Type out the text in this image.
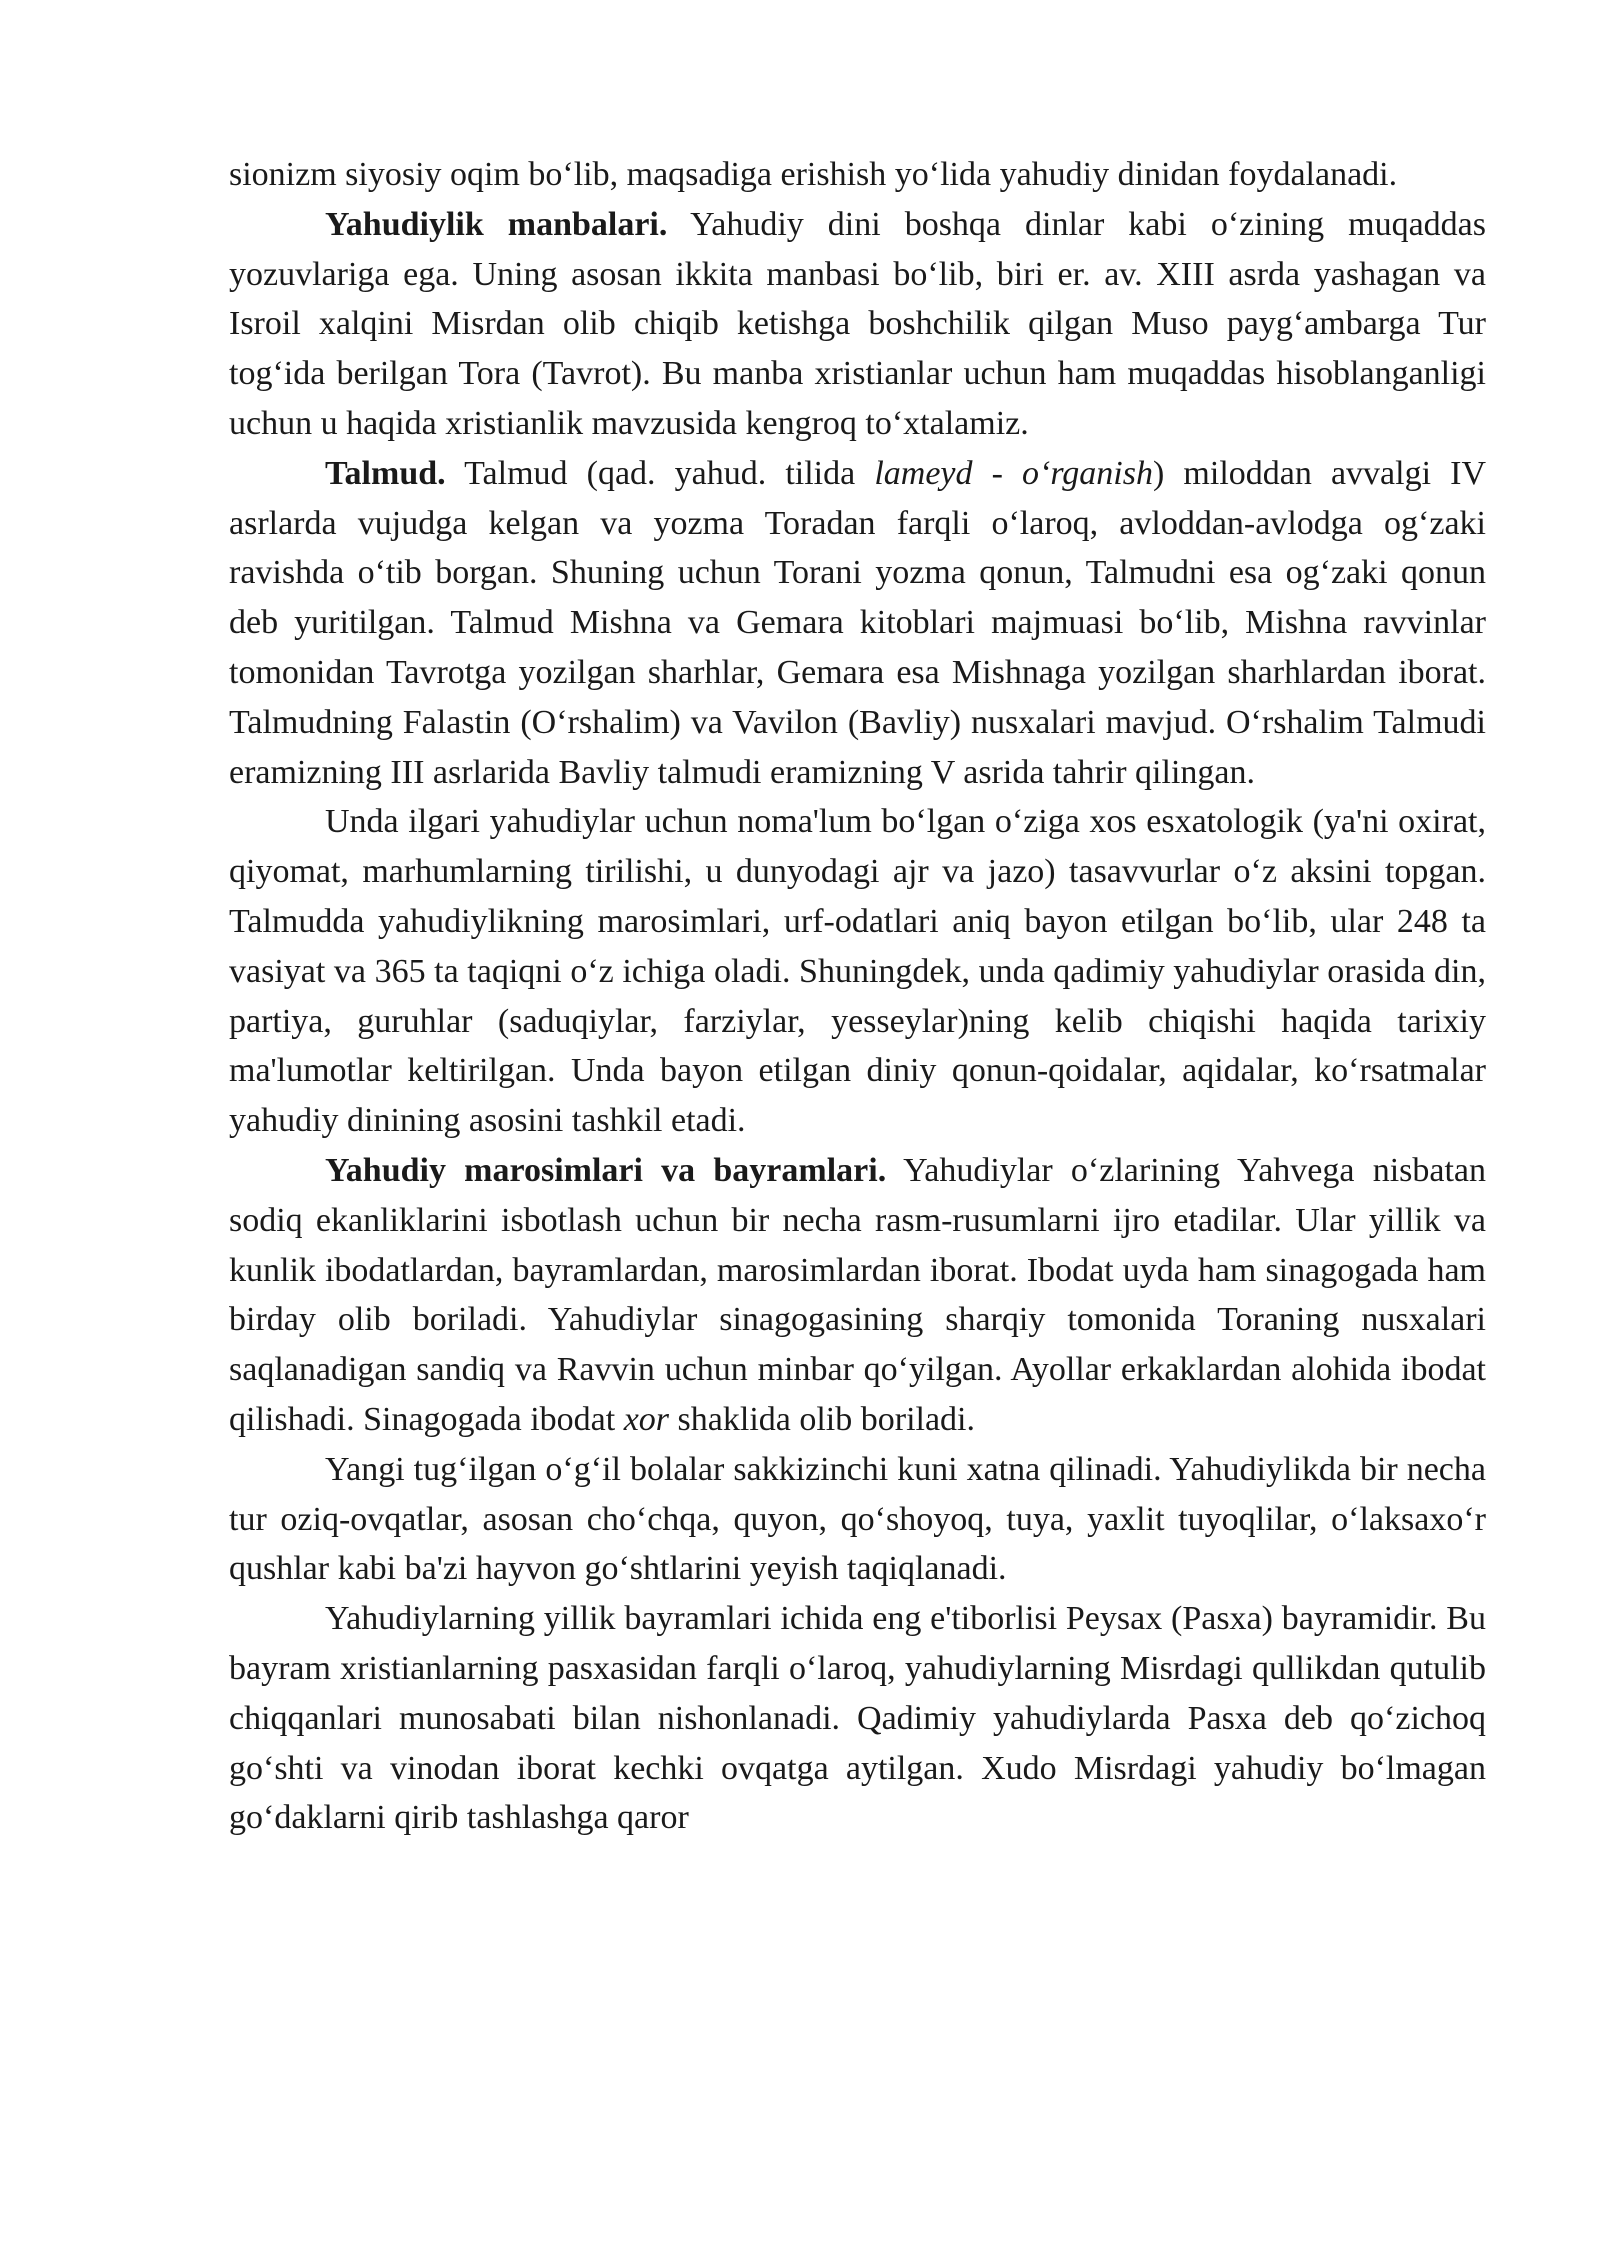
sionizm siyosiy oqim bo‘lib, maqsadiga erishish yo‘lida yahudiy dinidan foydalanadi.

Yahudiylik manbalari. Yahudiy dini boshqa dinlar kabi o‘zining muqaddas yozuvlariga ega. Uning asosan ikkita manbasi bo‘lib, biri er. av. XIII asrda yashagan va Isroil xalqini Misrdan olib chiqib ketishga boshchilik qilgan Muso payg‘ambarga Tur tog‘ida berilgan Tora (Tavrot). Bu manba xristianlar uchun ham muqaddas hisoblanganligi uchun u haqida xristianlik mavzusida kengroq to‘xtalamiz.

Talmud. Talmud (qad. yahud. tilida lameyd - o‘rganish) miloddan avvalgi IV asrlarda vujudga kelgan va yozma Toradan farqli o‘laroq, avloddan-avlodga og‘zaki ravishda o‘tib borgan. Shuning uchun Torani yozma qonun, Talmudni esa og‘zaki qonun deb yuritilgan. Talmud Mishna va Gemara kitoblari majmuasi bo‘lib, Mishna ravvinlar tomonidan Tavrotga yozilgan sharhlar, Gemara esa Mishnaga yozilgan sharhlardan iborat. Talmudning Falastin (O‘rshalim) va Vavilon (Bavliy) nusxalari mavjud. O‘rshalim Talmudi eramizning III asrlarida Bavliy talmudi eramizning V asrida tahrir qilingan.

Unda ilgari yahudiylar uchun noma'lum bo‘lgan o‘ziga xos esxatologik (ya'ni oxirat, qiyomat, marhumlarning tirilishi, u dunyodagi ajr va jazo) tasavvurlar o‘z aksini topgan. Talmudda yahudiylikning marosimlari, urf-odatlari aniq bayon etilgan bo‘lib, ular 248 ta vasiyat va 365 ta taqiqni o‘z ichiga oladi. Shuningdek, unda qadimiy yahudiylar orasida din, partiya, guruhlar (saduqiylar, farziylar, yesseylar)ning kelib chiqishi haqida tarixiy ma'lumotlar keltirilgan. Unda bayon etilgan diniy qonun-qoidalar, aqidalar, ko‘rsatmalar yahudiy dinining asosini tashkil etadi.

Yahudiy marosimlari va bayramlari. Yahudiylar o‘zlarining Yahvega nisbatan sodiq ekanliklarini isbotlash uchun bir necha rasm-rusumlarni ijro etadilar. Ular yillik va kunlik ibodatlardan, bayramlardan, marosimlardan iborat. Ibodat uyda ham sinagogada ham birday olib boriladi. Yahudiylar sinagogasining sharqiy tomonida Toraning nusxalari saqlanadigan sandiq va Ravvin uchun minbar qo‘yilgan. Ayollar erkaklardan alohida ibodat qilishadi. Sinagogada ibodat xor shaklida olib boriladi.

Yangi tug‘ilgan o‘g‘il bolalar sakkizinchi kuni xatna qilinadi. Yahudiylikda bir necha tur oziq-ovqatlar, asosan cho‘chqa, quyon, qo‘shoyoq, tuya, yaxlit tuyoqlilar, o‘laksaxo‘r qushlar kabi ba'zi hayvon go‘shtlarini yeyish taqiqlanadi.

Yahudiylarning yillik bayramlari ichida eng e'tiborlisi Peysax (Pasxa) bayramidir. Bu bayram xristianlarning pasxasidan farqli o‘laroq, yahudiylarning Misrdagi qullikdan qutulib chiqqanlari munosabati bilan nishonlanadi. Qadimiy yahudiylarda Pasxa deb qo‘zichoq go‘shti va vinodan iborat kechki ovqatga aytilgan. Xudo Misrdagi yahudiy bo‘lmagan go‘daklarni qirib tashlashga qaror
